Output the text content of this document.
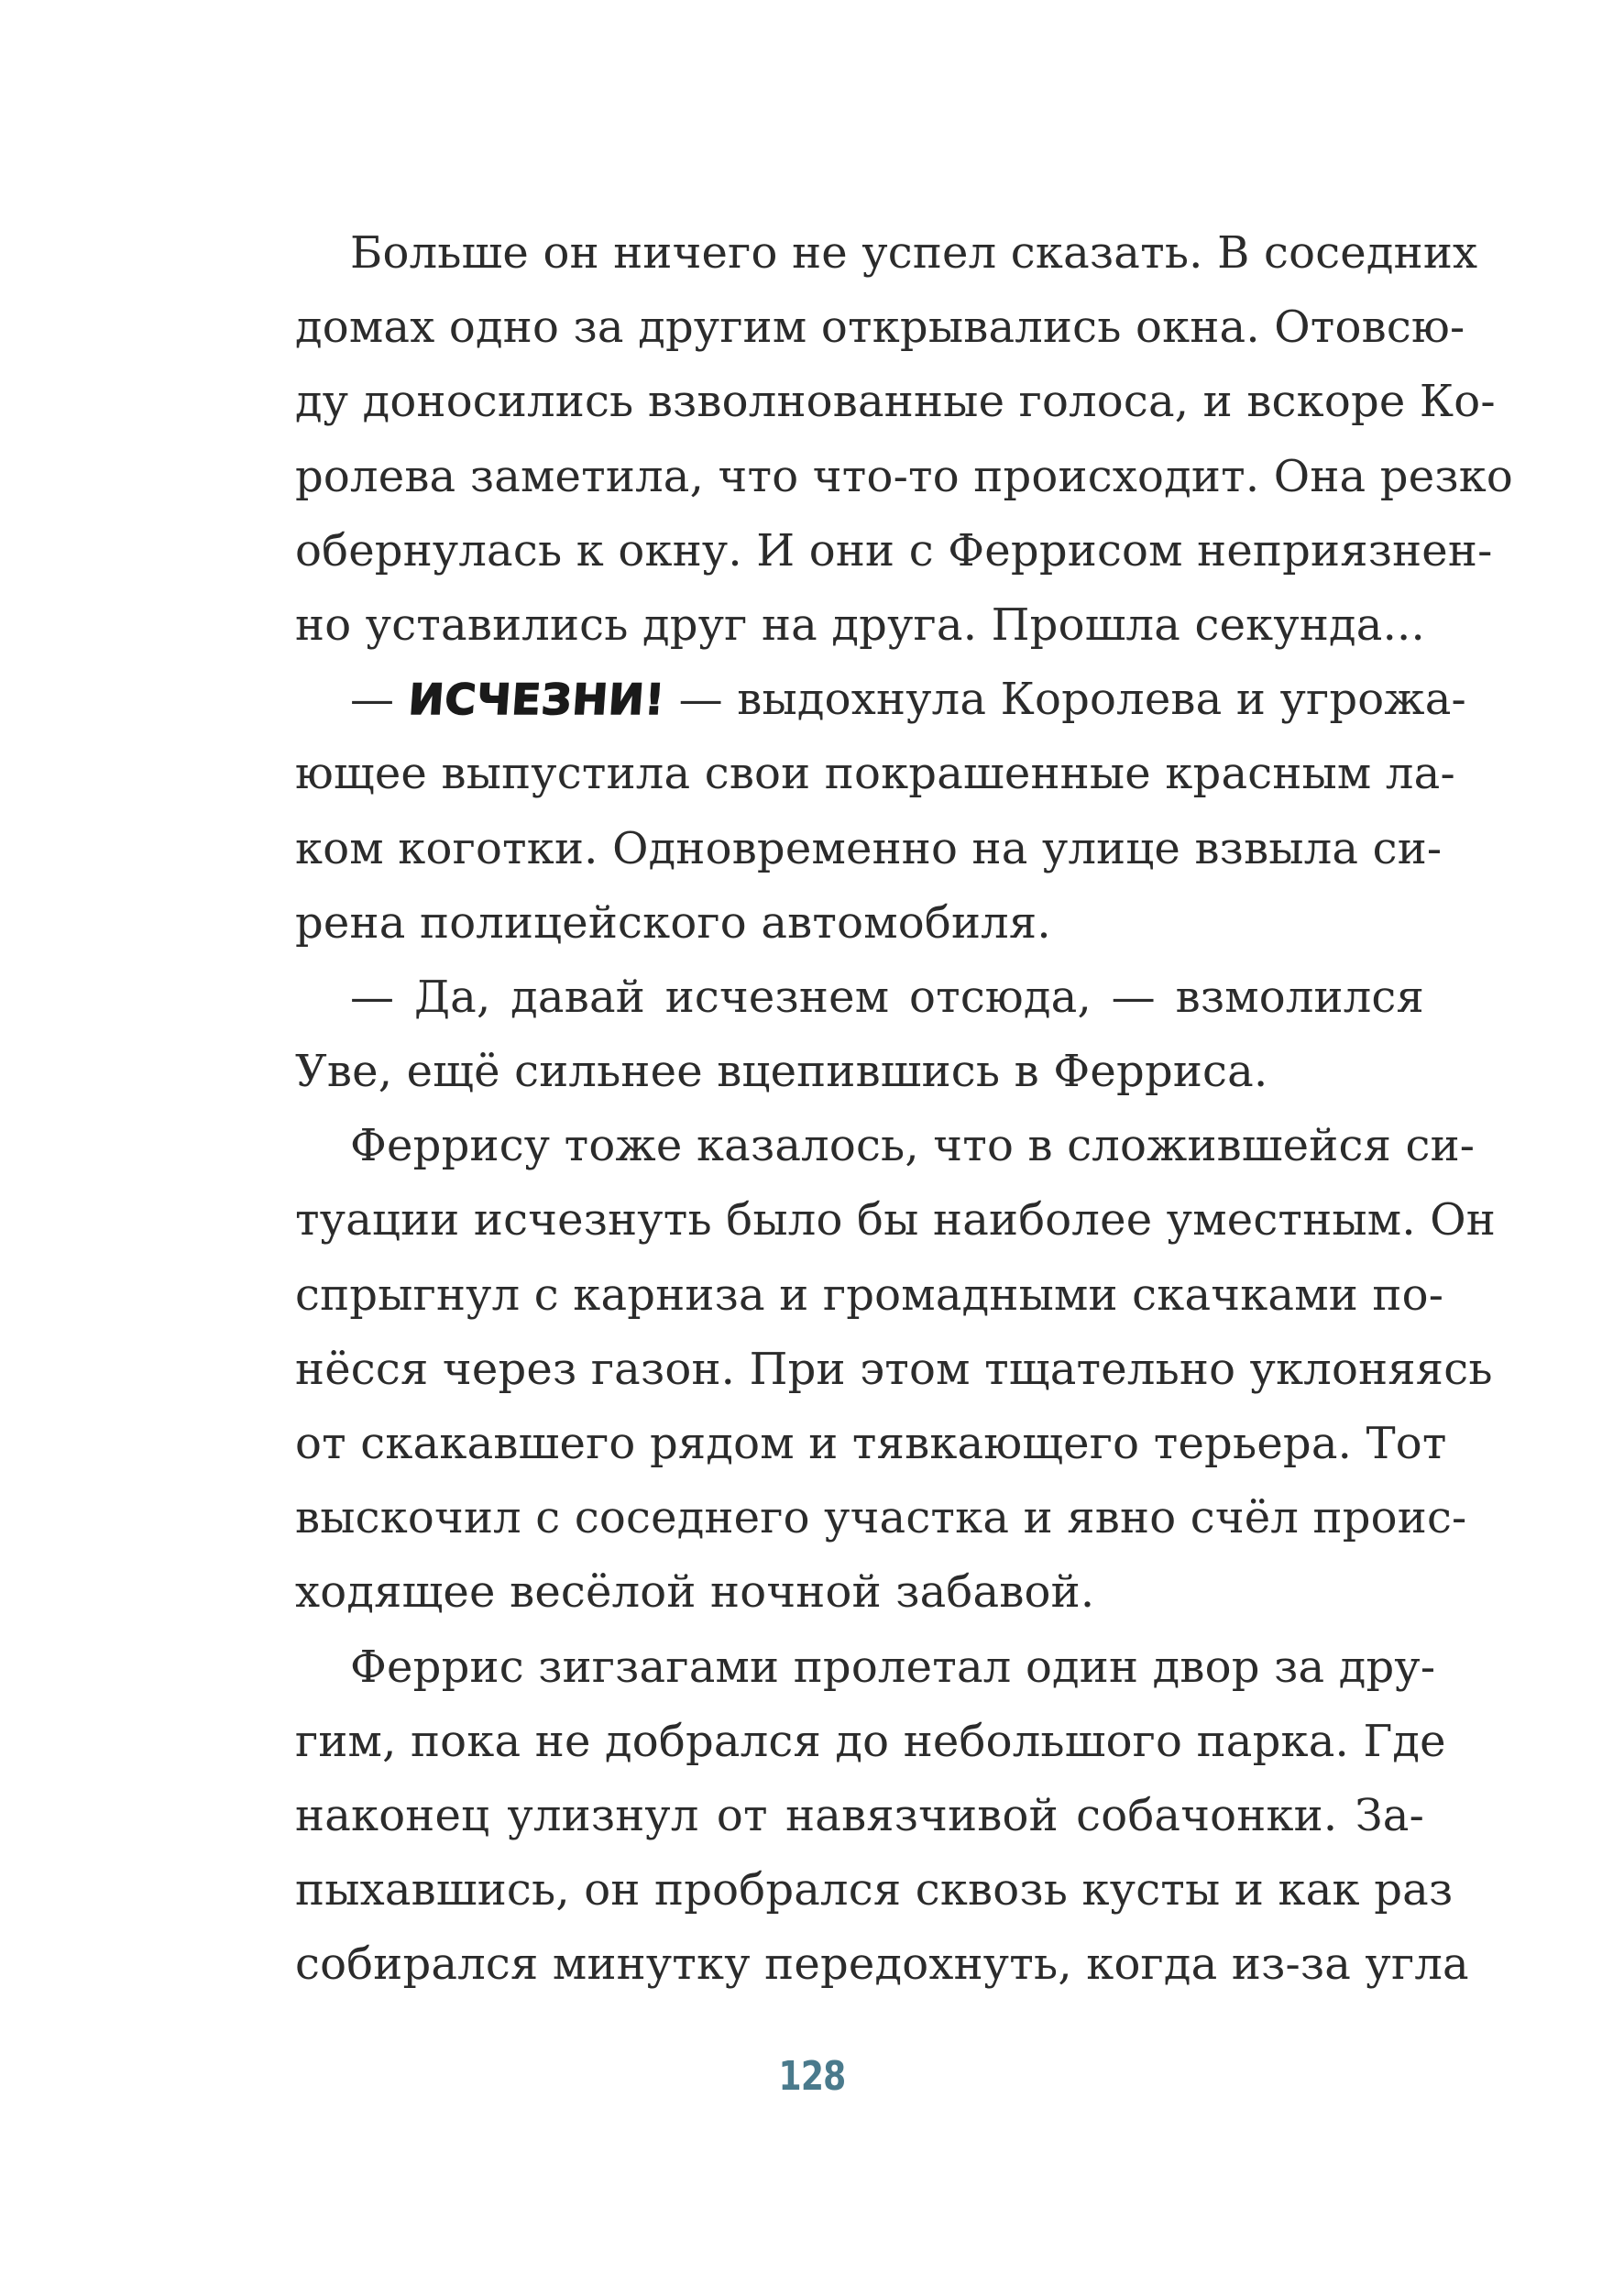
Больше он ничего не успел сказать. В соседних
домах одно за другим открывались окна. Отовсю-
ду доносились взволнованные голоса, и вскоре Ко-
ролева заметила, что что-то происходит. Она резко
обернулась к окну. И они с Феррисом неприязнен-
но уставились друг на друга. Прошла секунда...
— ИСЧЕЗНИ! — выдохнула Королева и угрожа-
ющее выпустила свои покрашенные красным ла-
ком коготки. Одновременно на улице взвыла си-
рена полицейского автомобиля.
— Да, давай исчезнем отсюда, — взмолился
Уве, ещё сильнее вцепившись в Ферриса.
Феррису тоже казалось, что в сложившейся си-
туации исчезнуть было бы наиболее уместным. Он
спрыгнул с карниза и громадными скачками по-
нёсся через газон. При этом тщательно уклоняясь
от скакавшего рядом и тявкающего терьера. Тот
выскочил с соседнего участка и явно счёл проис-
ходящее весёлой ночной забавой.
Феррис зигзагами пролетал один двор за дру-
гим, пока не добрался до небольшого парка. Где
наконец улизнул от навязчивой собачонки. За-
пыхавшись, он пробрался сквозь кусты и как раз
собирался минутку передохнуть, когда из-за угла
128
